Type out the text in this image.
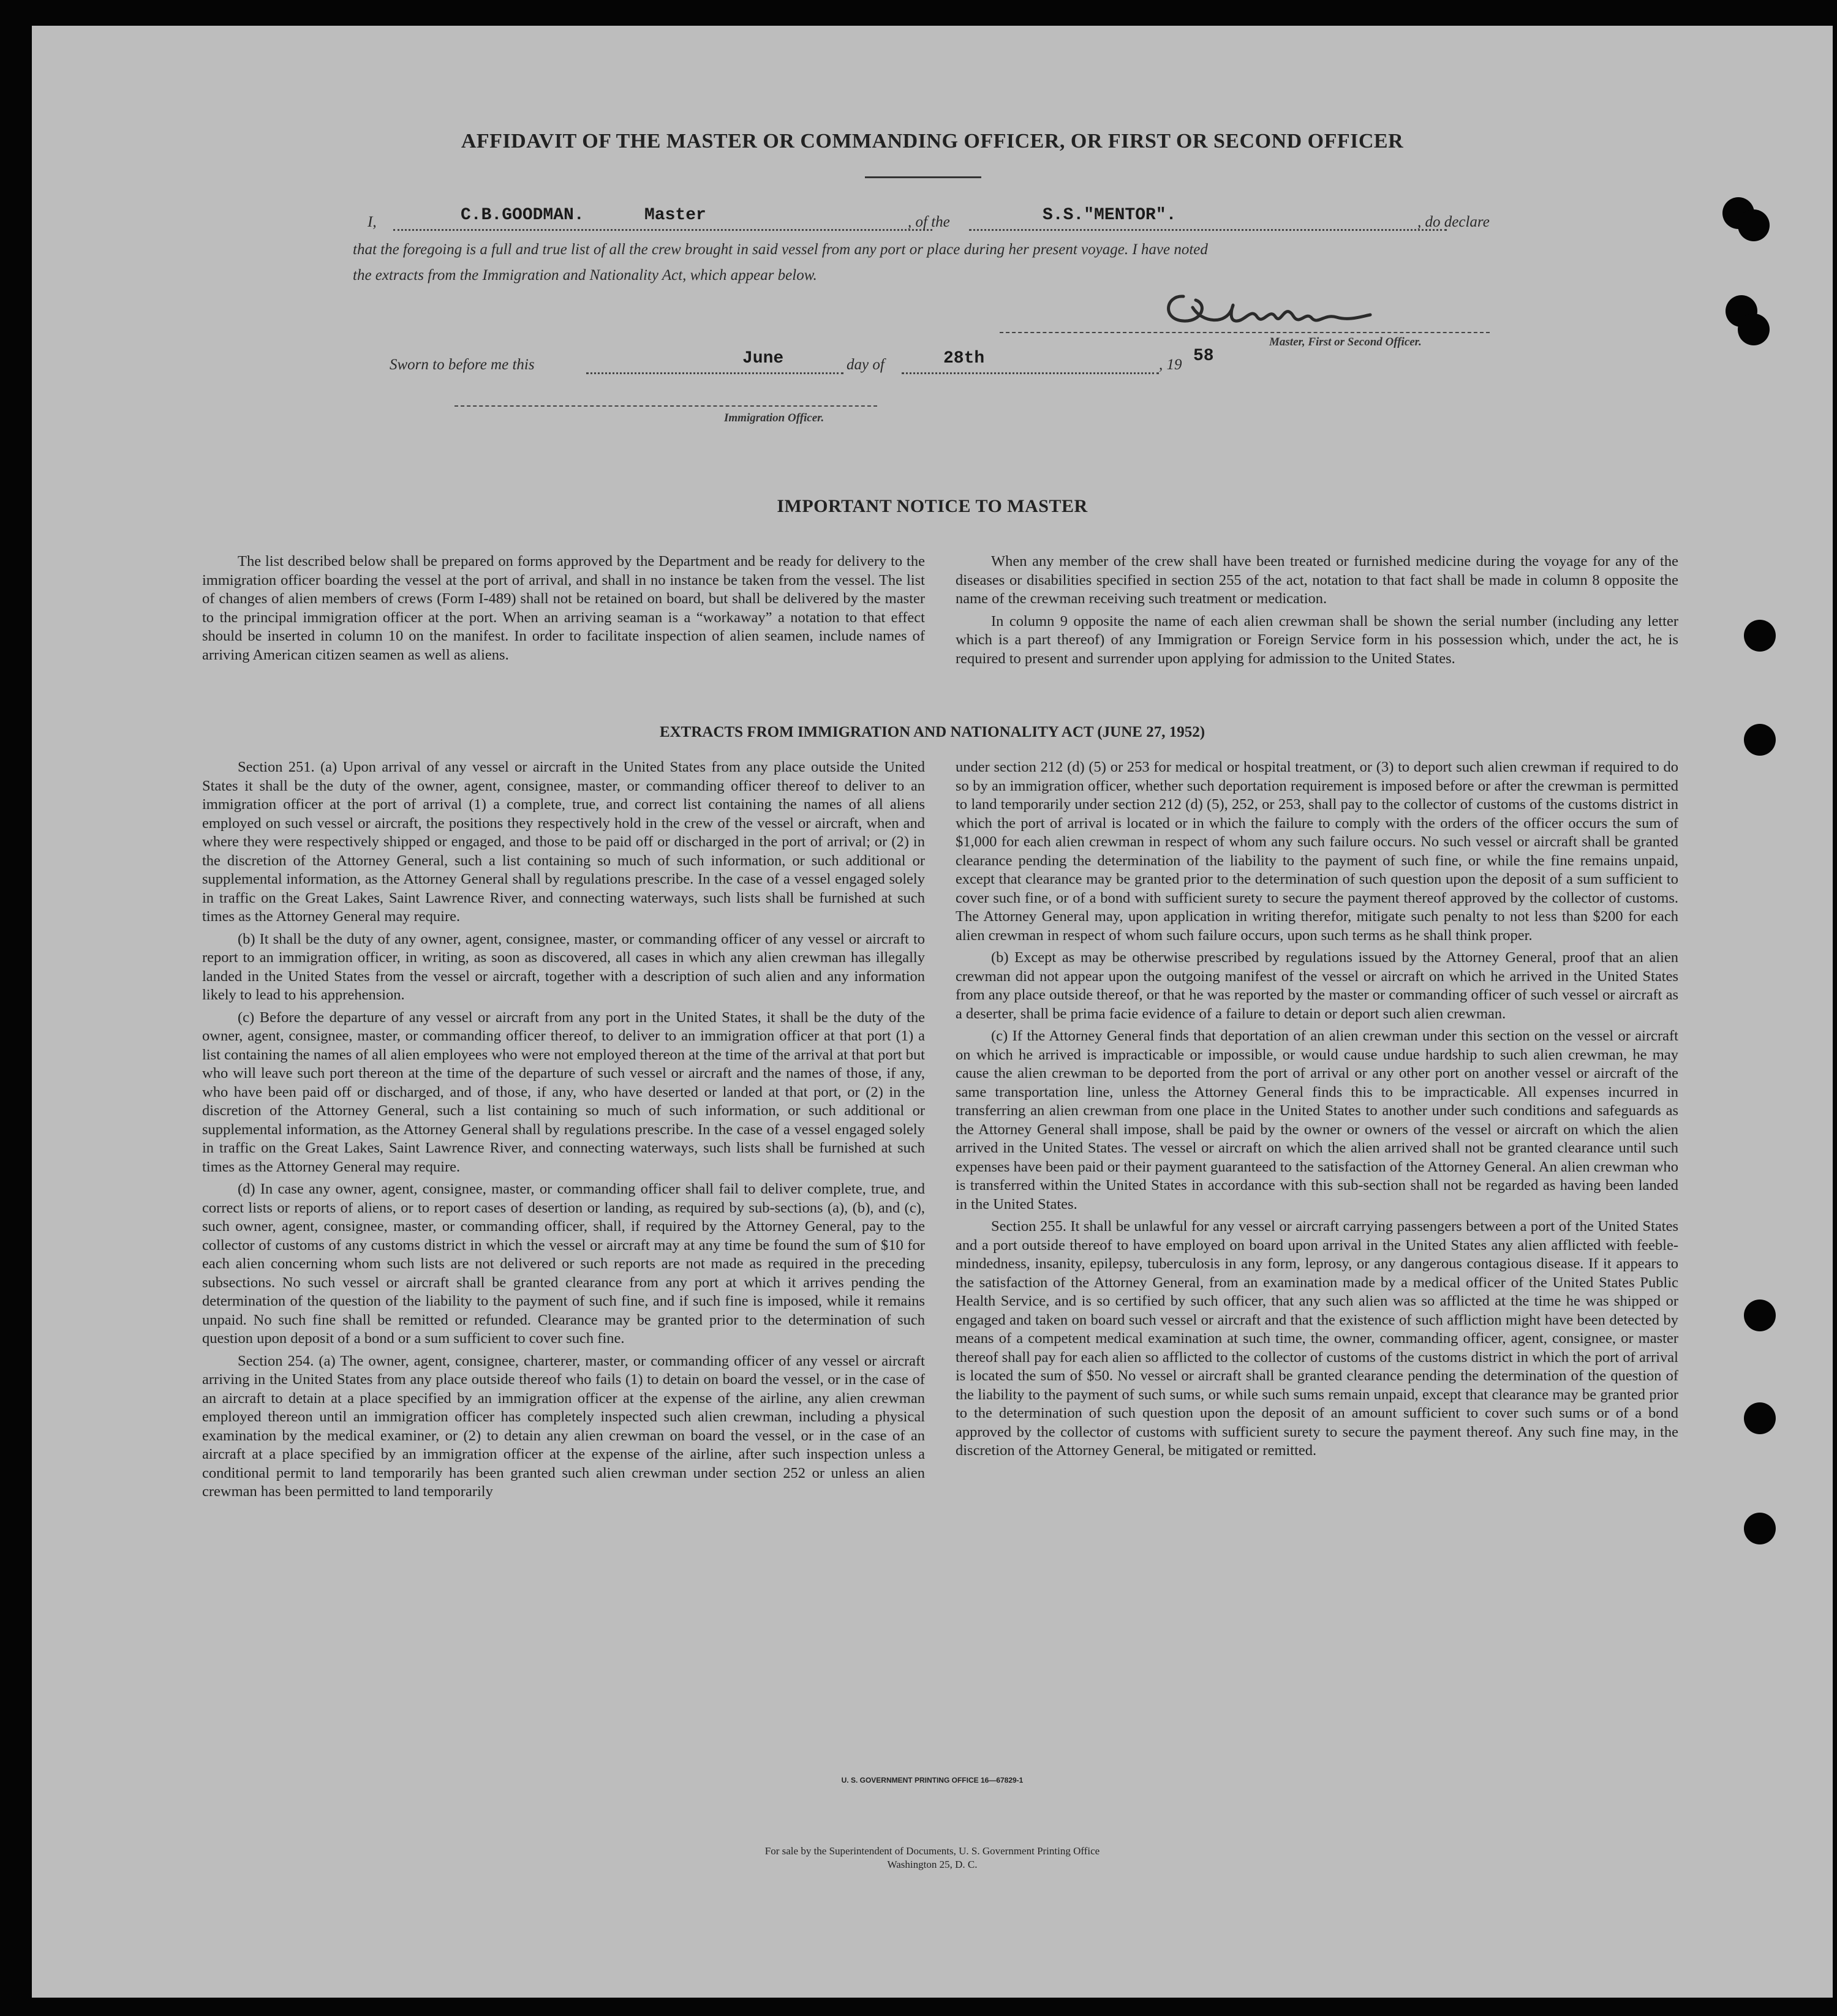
AFFIDAVIT OF THE MASTER OR COMMANDING OFFICER, OR FIRST OR SECOND OFFICER
I,	C.B.GOODMAN.	Master	, of the	S.S."MENTOR".	, do declare
that the foregoing is a full and true list of all the crew brought in said vessel from any port or place during her present voyage. I have noted
the extracts from the Immigration and Nationality Act, which appear below.
Master, First or Second Officer.
Sworn to before me this	June	day of	28th	, 19 58
Immigration Officer.
IMPORTANT NOTICE TO MASTER

The list described below shall be prepared on forms approved by the Department and be ready for delivery to the immigration officer boarding the vessel at the port of arrival, and shall in no instance be taken from the vessel. The list of changes of alien members of crews (Form I-489) shall not be retained on board, but shall be delivered by the master to the principal immigration officer at the port. When an arriving seaman is a “workaway” a notation to that effect should be inserted in column 10 on the manifest. In order to facilitate inspection of alien seamen, include names of arriving American citizen seamen as well as aliens.

When any member of the crew shall have been treated or furnished medicine during the voyage for any of the diseases or disabilities specified in section 255 of the act, notation to that fact shall be made in column 8 opposite the name of the crewman receiving such treatment or medication.

In column 9 opposite the name of each alien crewman shall be shown the serial number (including any letter which is a part thereof) of any Immigration or Foreign Service form in his possession which, under the act, he is required to present and surrender upon applying for admission to the United States.

EXTRACTS FROM IMMIGRATION AND NATIONALITY ACT (JUNE 27, 1952)

Section 251. (a) Upon arrival of any vessel or aircraft in the United States from any place outside the United States it shall be the duty of the owner, agent, consignee, master, or commanding officer thereof to deliver to an immigration officer at the port of arrival (1) a complete, true, and correct list containing the names of all aliens employed on such vessel or aircraft, the positions they respectively hold in the crew of the vessel or aircraft, when and where they were respectively shipped or engaged, and those to be paid off or discharged in the port of arrival; or (2) in the discretion of the Attorney General, such a list containing so much of such information, or such additional or supplemental information, as the Attorney General shall by regulations prescribe. In the case of a vessel engaged solely in traffic on the Great Lakes, Saint Lawrence River, and connecting waterways, such lists shall be furnished at such times as the Attorney General may require.

(b) It shall be the duty of any owner, agent, consignee, master, or commanding officer of any vessel or aircraft to report to an immigration officer, in writing, as soon as discovered, all cases in which any alien crewman has illegally landed in the United States from the vessel or aircraft, together with a description of such alien and any information likely to lead to his apprehension.

(c) Before the departure of any vessel or aircraft from any port in the United States, it shall be the duty of the owner, agent, consignee, master, or commanding officer thereof, to deliver to an immigration officer at that port (1) a list containing the names of all alien employees who were not employed thereon at the time of the arrival at that port but who will leave such port thereon at the time of the departure of such vessel or aircraft and the names of those, if any, who have been paid off or discharged, and of those, if any, who have deserted or landed at that port, or (2) in the discretion of the Attorney General, such a list containing so much of such information, or such additional or supplemental information, as the Attorney General shall by regulations prescribe. In the case of a vessel engaged solely in traffic on the Great Lakes, Saint Lawrence River, and connecting waterways, such lists shall be furnished at such times as the Attorney General may require.

(d) In case any owner, agent, consignee, master, or commanding officer shall fail to deliver complete, true, and correct lists or reports of aliens, or to report cases of desertion or landing, as required by sub-sections (a), (b), and (c), such owner, agent, consignee, master, or commanding officer, shall, if required by the Attorney General, pay to the collector of customs of any customs district in which the vessel or aircraft may at any time be found the sum of $10 for each alien concerning whom such lists are not delivered or such reports are not made as required in the preceding subsections. No such vessel or aircraft shall be granted clearance from any port at which it arrives pending the determination of the question of the liability to the payment of such fine, and if such fine is imposed, while it remains unpaid. No such fine shall be remitted or refunded. Clearance may be granted prior to the determination of such question upon deposit of a bond or a sum sufficient to cover such fine.

Section 254. (a) The owner, agent, consignee, charterer, master, or commanding officer of any vessel or aircraft arriving in the United States from any place outside thereof who fails (1) to detain on board the vessel, or in the case of an aircraft to detain at a place specified by an immigration officer at the expense of the airline, any alien crewman employed thereon until an immigration officer has completely inspected such alien crewman, including a physical examination by the medical examiner, or (2) to detain any alien crewman on board the vessel, or in the case of an aircraft at a place specified by an immigration officer at the expense of the airline, after such inspection unless a conditional permit to land temporarily has been granted such alien crewman under section 252 or unless an alien crewman has been permitted to land temporarily

under section 212 (d) (5) or 253 for medical or hospital treatment, or (3) to deport such alien crewman if required to do so by an immigration officer, whether such deportation requirement is imposed before or after the crewman is permitted to land temporarily under section 212 (d) (5), 252, or 253, shall pay to the collector of customs of the customs district in which the port of arrival is located or in which the failure to comply with the orders of the officer occurs the sum of $1,000 for each alien crewman in respect of whom any such failure occurs. No such vessel or aircraft shall be granted clearance pending the determination of the liability to the payment of such fine, or while the fine remains unpaid, except that clearance may be granted prior to the determination of such question upon the deposit of a sum sufficient to cover such fine, or of a bond with sufficient surety to secure the payment thereof approved by the collector of customs. The Attorney General may, upon application in writing therefor, mitigate such penalty to not less than $200 for each alien crewman in respect of whom such failure occurs, upon such terms as he shall think proper.

(b) Except as may be otherwise prescribed by regulations issued by the Attorney General, proof that an alien crewman did not appear upon the outgoing manifest of the vessel or aircraft on which he arrived in the United States from any place outside thereof, or that he was reported by the master or commanding officer of such vessel or aircraft as a deserter, shall be prima facie evidence of a failure to detain or deport such alien crewman.

(c) If the Attorney General finds that deportation of an alien crewman under this section on the vessel or aircraft on which he arrived is impracticable or impossible, or would cause undue hardship to such alien crewman, he may cause the alien crewman to be deported from the port of arrival or any other port on another vessel or aircraft of the same transportation line, unless the Attorney General finds this to be impracticable. All expenses incurred in transferring an alien crewman from one place in the United States to another under such conditions and safeguards as the Attorney General shall impose, shall be paid by the owner or owners of the vessel or aircraft on which the alien arrived in the United States. The vessel or aircraft on which the alien arrived shall not be granted clearance until such expenses have been paid or their payment guaranteed to the satisfaction of the Attorney General. An alien crewman who is transferred within the United States in accordance with this sub-section shall not be regarded as having been landed in the United States.

Section 255. It shall be unlawful for any vessel or aircraft carrying passengers between a port of the United States and a port outside thereof to have employed on board upon arrival in the United States any alien afflicted with feeble-mindedness, insanity, epilepsy, tuberculosis in any form, leprosy, or any dangerous contagious disease. If it appears to the satisfaction of the Attorney General, from an examination made by a medical officer of the United States Public Health Service, and is so certified by such officer, that any such alien was so afflicted at the time he was shipped or engaged and taken on board such vessel or aircraft and that the existence of such affliction might have been detected by means of a competent medical examination at such time, the owner, commanding officer, agent, consignee, or master thereof shall pay for each alien so afflicted to the collector of customs of the customs district in which the port of arrival is located the sum of $50. No vessel or aircraft shall be granted clearance pending the determination of the question of the liability to the payment of such sums, or while such sums remain unpaid, except that clearance may be granted prior to the determination of such question upon the deposit of an amount sufficient to cover such sums or of a bond approved by the collector of customs with sufficient surety to secure the payment thereof. Any such fine may, in the discretion of the Attorney General, be mitigated or remitted.

U. S. GOVERNMENT PRINTING OFFICE 16—67829-1
For sale by the Superintendent of Documents, U. S. Government Printing Office
Washington 25, D. C.
